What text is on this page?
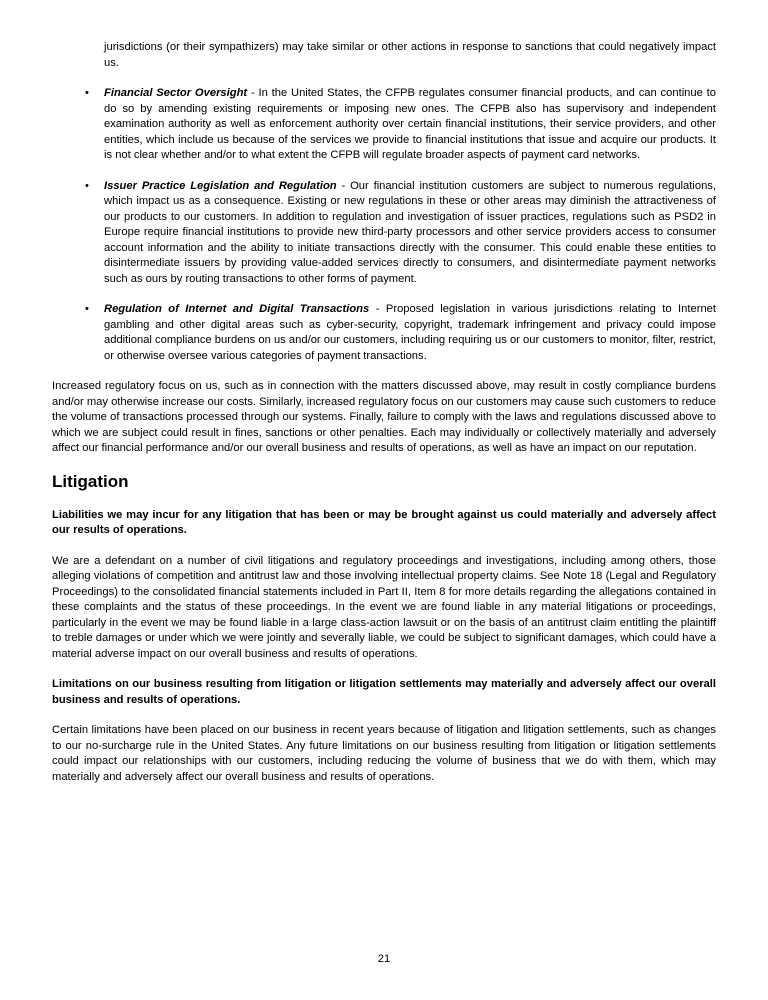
jurisdictions (or their sympathizers) may take similar or other actions in response to sanctions that could negatively impact us.

•	Financial Sector Oversight - In the United States, the CFPB regulates consumer financial products, and can continue to do so by amending existing requirements or imposing new ones. The CFPB also has supervisory and independent examination authority as well as enforcement authority over certain financial institutions, their service providers, and other entities, which include us because of the services we provide to financial institutions that issue and acquire our products. It is not clear whether and/or to what extent the CFPB will regulate broader aspects of payment card networks.
•	Issuer Practice Legislation and Regulation - Our financial institution customers are subject to numerous regulations, which impact us as a consequence. Existing or new regulations in these or other areas may diminish the attractiveness of our products to our customers. In addition to regulation and investigation of issuer practices, regulations such as PSD2 in Europe require financial institutions to provide new third-party processors and other service providers access to consumer account information and the ability to initiate transactions directly with the consumer. This could enable these entities to disintermediate issuers by providing value-added services directly to consumers, and disintermediate payment networks such as ours by routing transactions to other forms of payment.
•	Regulation of Internet and Digital Transactions - Proposed legislation in various jurisdictions relating to Internet gambling and other digital areas such as cyber-security, copyright, trademark infringement and privacy could impose additional compliance burdens on us and/or our customers, including requiring us or our customers to monitor, filter, restrict, or otherwise oversee various categories of payment transactions.

Increased regulatory focus on us, such as in connection with the matters discussed above, may result in costly compliance burdens and/or may otherwise increase our costs. Similarly, increased regulatory focus on our customers may cause such customers to reduce the volume of transactions processed through our systems. Finally, failure to comply with the laws and regulations discussed above to which we are subject could result in fines, sanctions or other penalties. Each may individually or collectively materially and adversely affect our financial performance and/or our overall business and results of operations, as well as have an impact on our reputation.

Litigation

Liabilities we may incur for any litigation that has been or may be brought against us could materially and adversely affect our results of operations.

We are a defendant on a number of civil litigations and regulatory proceedings and investigations, including among others, those alleging violations of competition and antitrust law and those involving intellectual property claims. See Note 18 (Legal and Regulatory Proceedings) to the consolidated financial statements included in Part II, Item 8 for more details regarding the allegations contained in these complaints and the status of these proceedings. In the event we are found liable in any material litigations or proceedings, particularly in the event we may be found liable in a large class-action lawsuit or on the basis of an antitrust claim entitling the plaintiff to treble damages or under which we were jointly and severally liable, we could be subject to significant damages, which could have a material adverse impact on our overall business and results of operations.

Limitations on our business resulting from litigation or litigation settlements may materially and adversely affect our overall business and results of operations.

Certain limitations have been placed on our business in recent years because of litigation and litigation settlements, such as changes to our no-surcharge rule in the United States. Any future limitations on our business resulting from litigation or litigation settlements could impact our relationships with our customers, including reducing the volume of business that we do with them, which may materially and adversely affect our overall business and results of operations.

21
